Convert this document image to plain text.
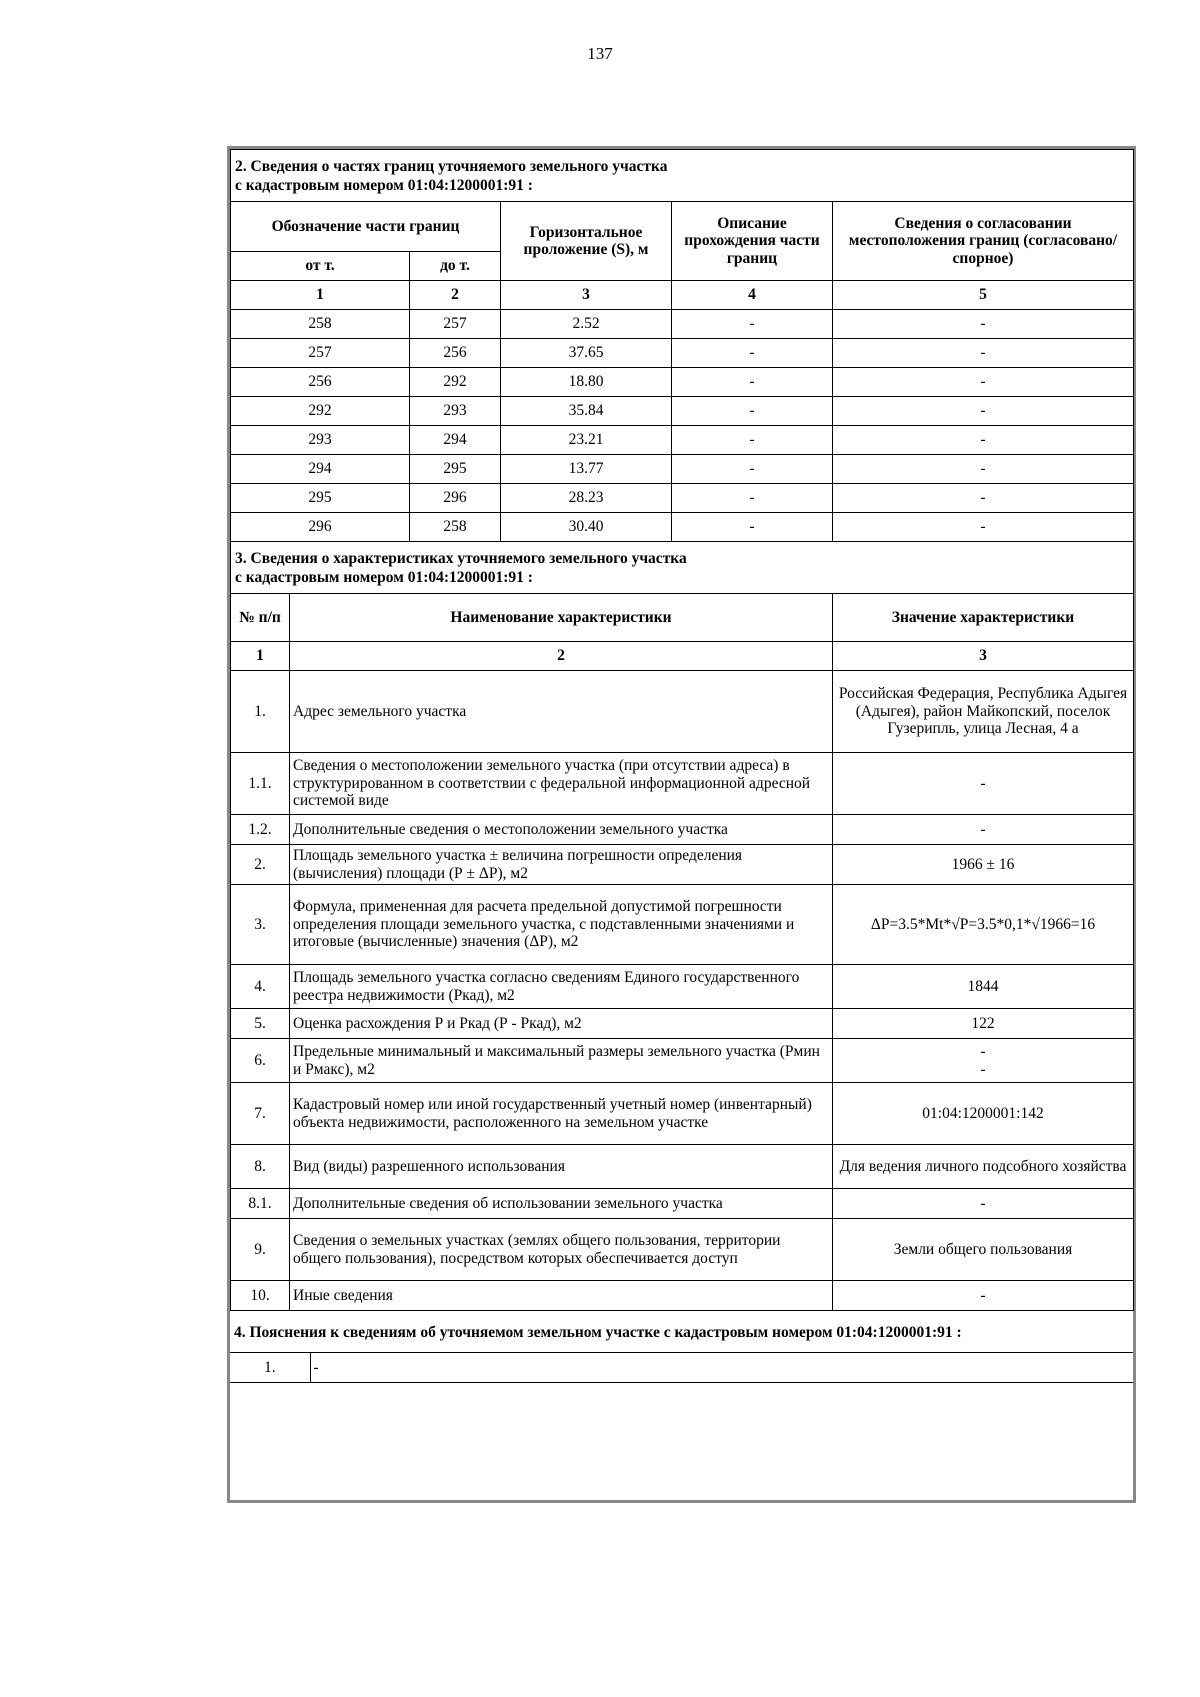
137
2. Сведения о частях границ уточняемого земельного участка
с кадастровым номером 01:04:1200001:91 :				

Обозначение части границ		Горизонтальное проложение (S), м	Описание прохождения части границ	Сведения о согласовании местоположения границ (согласовано/спорное)
от т.	до т.			
1	2	3	4	5
258	257	2.52	-	-
257	256	37.65	-	-
256	292	18.80	-	-
292	293	35.84	-	-
293	294	23.21	-	-
294	295	13.77	-	-
295	296	28.23	-	-
296	258	30.40	-	-
3. Сведения о характеристиках уточняемого земельного участка
с кадастровым номером 01:04:1200001:91 :		

№ п/п	Наименование характеристики	Значение характеристики
1	2	3
1.	Адрес земельного участка	Российская Федерация, Республика Адыгея (Адыгея), район Майкопский, поселок Гузерипль, улица Лесная, 4 а
1.1.	Сведения о местоположении земельного участка (при отсутствии адреса) в структурированном в соответствии с федеральной информационной адресной системой виде	-
1.2.	Дополнительные сведения о местоположении земельного участка	-
2.	Площадь земельного участка ± величина погрешности определения (вычисления) площади (Р ± ΔР), м2	1966 ± 16
3.	Формула, примененная для расчета предельной допустимой погрешности определения площади земельного участка, с подставленными значениями и итоговые (вычисленные) значения (ΔР), м2	ΔР=3.5*Mt*√P=3.5*0,1*√1966=16
4.	Площадь земельного участка согласно сведениям Единого государственного реестра недвижимости (Ркад), м2	1844
5.	Оценка расхождения Р и Ркад (Р - Ркад), м2	122
6.	Предельные минимальный и максимальный размеры земельного участка (Рмин и Рмакс), м2	-
-

7.	Кадастровый номер или иной государственный учетный номер (инвентарный) объекта недвижимости, расположенного на земельном участке	01:04:1200001:142
8.	Вид (виды) разрешенного использования	Для ведения личного подсобного хозяйства
8.1.	Дополнительные сведения об использовании земельного участка	-
9.	Сведения о земельных участках (землях общего пользования, территории общего пользования), посредством которых обеспечивается доступ	Земли общего пользования
10.	Иные сведения	-
4. Пояснения к сведениям об уточняемом земельном участке с кадастровым номером 01:04:1200001:91 :
1.	-
